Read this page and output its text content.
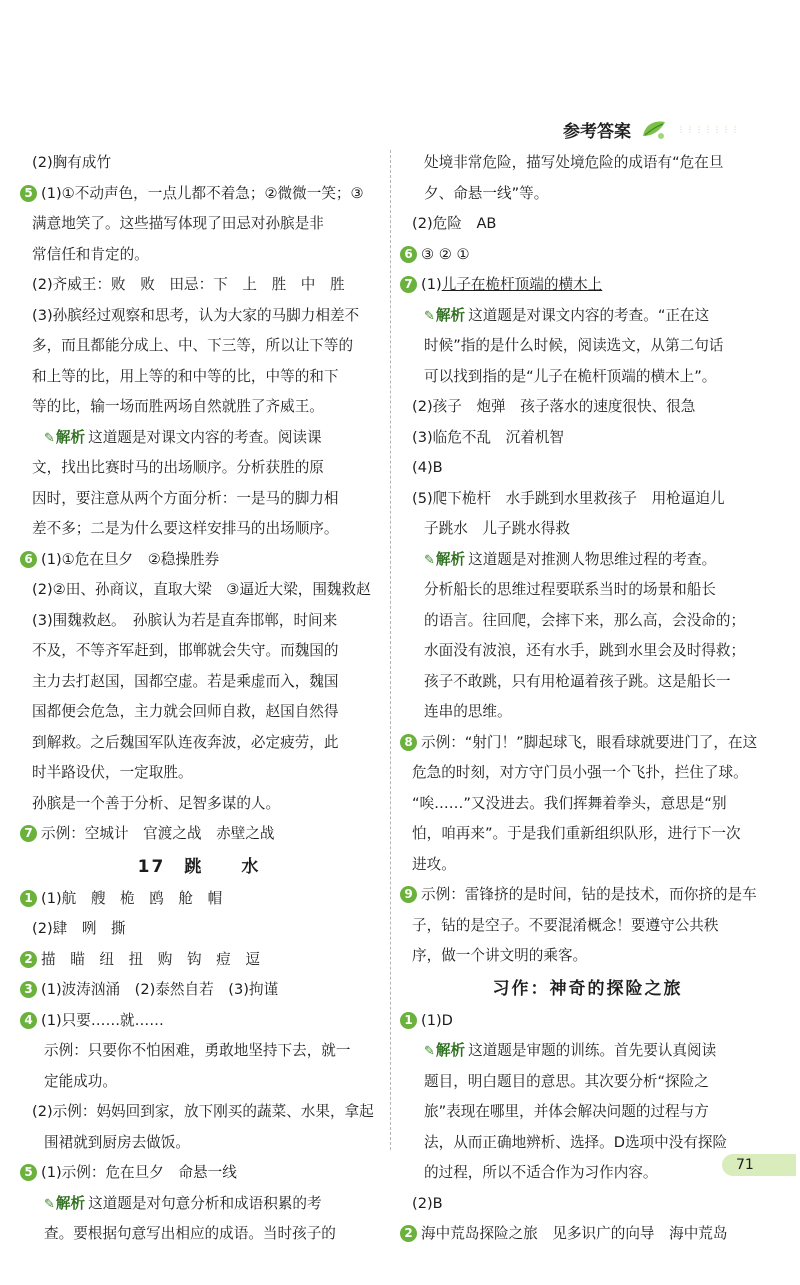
参考答案	⋮⋮⋮⋮⋮⋮⋮
(2)胸有成竹
5 (1)①不动声色，一点儿都不着急；②微微一笑；③
满意地笑了。这些描写体现了田忌对孙膑是非
常信任和肯定的。
(2)齐威王：败　败　田忌：下　上　胜　中　胜
(3)孙膑经过观察和思考，认为大家的马脚力相差不
多，而且都能分成上、中、下三等，所以让下等的
和上等的比，用上等的和中等的比，中等的和下
等的比，输一场而胜两场自然就胜了齐威王。
✎解析 这道题是对课文内容的考查。阅读课
文，找出比赛时马的出场顺序。分析获胜的原
因时，要注意从两个方面分析：一是马的脚力相
差不多；二是为什么要这样安排马的出场顺序。
6 (1)①危在旦夕　②稳操胜券
(2)②田、孙商议，直取大梁　③逼近大梁，围魏救赵
(3)围魏救赵。　孙膑认为若是直奔邯郸，时间来
不及，不等齐军赶到，邯郸就会失守。而魏国的
主力去打赵国，国都空虚。若是乘虚而入，魏国
国都便会危急，主力就会回师自救，赵国自然得
到解救。之后魏国军队连夜奔波，必定疲劳，此
时半路设伏，一定取胜。
孙膑是一个善于分析、足智多谋的人。
7 示例：空城计　官渡之战　赤壁之战
17　跳　　水
1 (1)航　艘　桅　鸥　舱　帽
(2)肆　咧　撕
2 描　瞄　纽　扭　购　钩　痘　逗
3 (1)波涛汹涌　(2)泰然自若　(3)拘谨
4 (1)只要……就……
示例：只要你不怕困难，勇敢地坚持下去，就一
定能成功。
(2)示例：妈妈回到家，放下刚买的蔬菜、水果，拿起
围裙就到厨房去做饭。
5 (1)示例：危在旦夕　命悬一线
✎解析 这道题是对句意分析和成语积累的考
查。要根据句意写出相应的成语。当时孩子的
处境非常危险，描写处境危险的成语有“危在旦
夕、命悬一线”等。
(2)危险　AB
6 ③ ② ①
7 (1)儿子在桅杆顶端的横木上
✎解析 这道题是对课文内容的考查。“正在这
时候”指的是什么时候，阅读选文，从第二句话
可以找到指的是“儿子在桅杆顶端的横木上”。
(2)孩子　炮弹　孩子落水的速度很快、很急
(3)临危不乱　沉着机智
(4)B
(5)爬下桅杆　水手跳到水里救孩子　用枪逼迫儿
子跳水　儿子跳水得救
✎解析 这道题是对推测人物思维过程的考查。
分析船长的思维过程要联系当时的场景和船长
的语言。往回爬，会摔下来，那么高，会没命的；
水面没有波浪，还有水手，跳到水里会及时得救；
孩子不敢跳，只有用枪逼着孩子跳。这是船长一
连串的思维。
8 示例：“射门！”脚起球飞，眼看球就要进门了，在这
危急的时刻，对方守门员小强一个飞扑，拦住了球。
“唉……”又没进去。我们挥舞着拳头，意思是“别
怕，咱再来”。于是我们重新组织队形，进行下一次
进攻。
9 示例：雷锋挤的是时间，钻的是技术，而你挤的是车
子，钻的是空子。不要混淆概念！要遵守公共秩
序，做一个讲文明的乘客。
习作：神奇的探险之旅
1 (1)D
✎解析 这道题是审题的训练。首先要认真阅读
题目，明白题目的意思。其次要分析“探险之
旅”表现在哪里，并体会解决问题的过程与方
法，从而正确地辨析、选择。D选项中没有探险
的过程，所以不适合作为习作内容。
(2)B
2 海中荒岛探险之旅　见多识广的向导　海中荒岛
71
